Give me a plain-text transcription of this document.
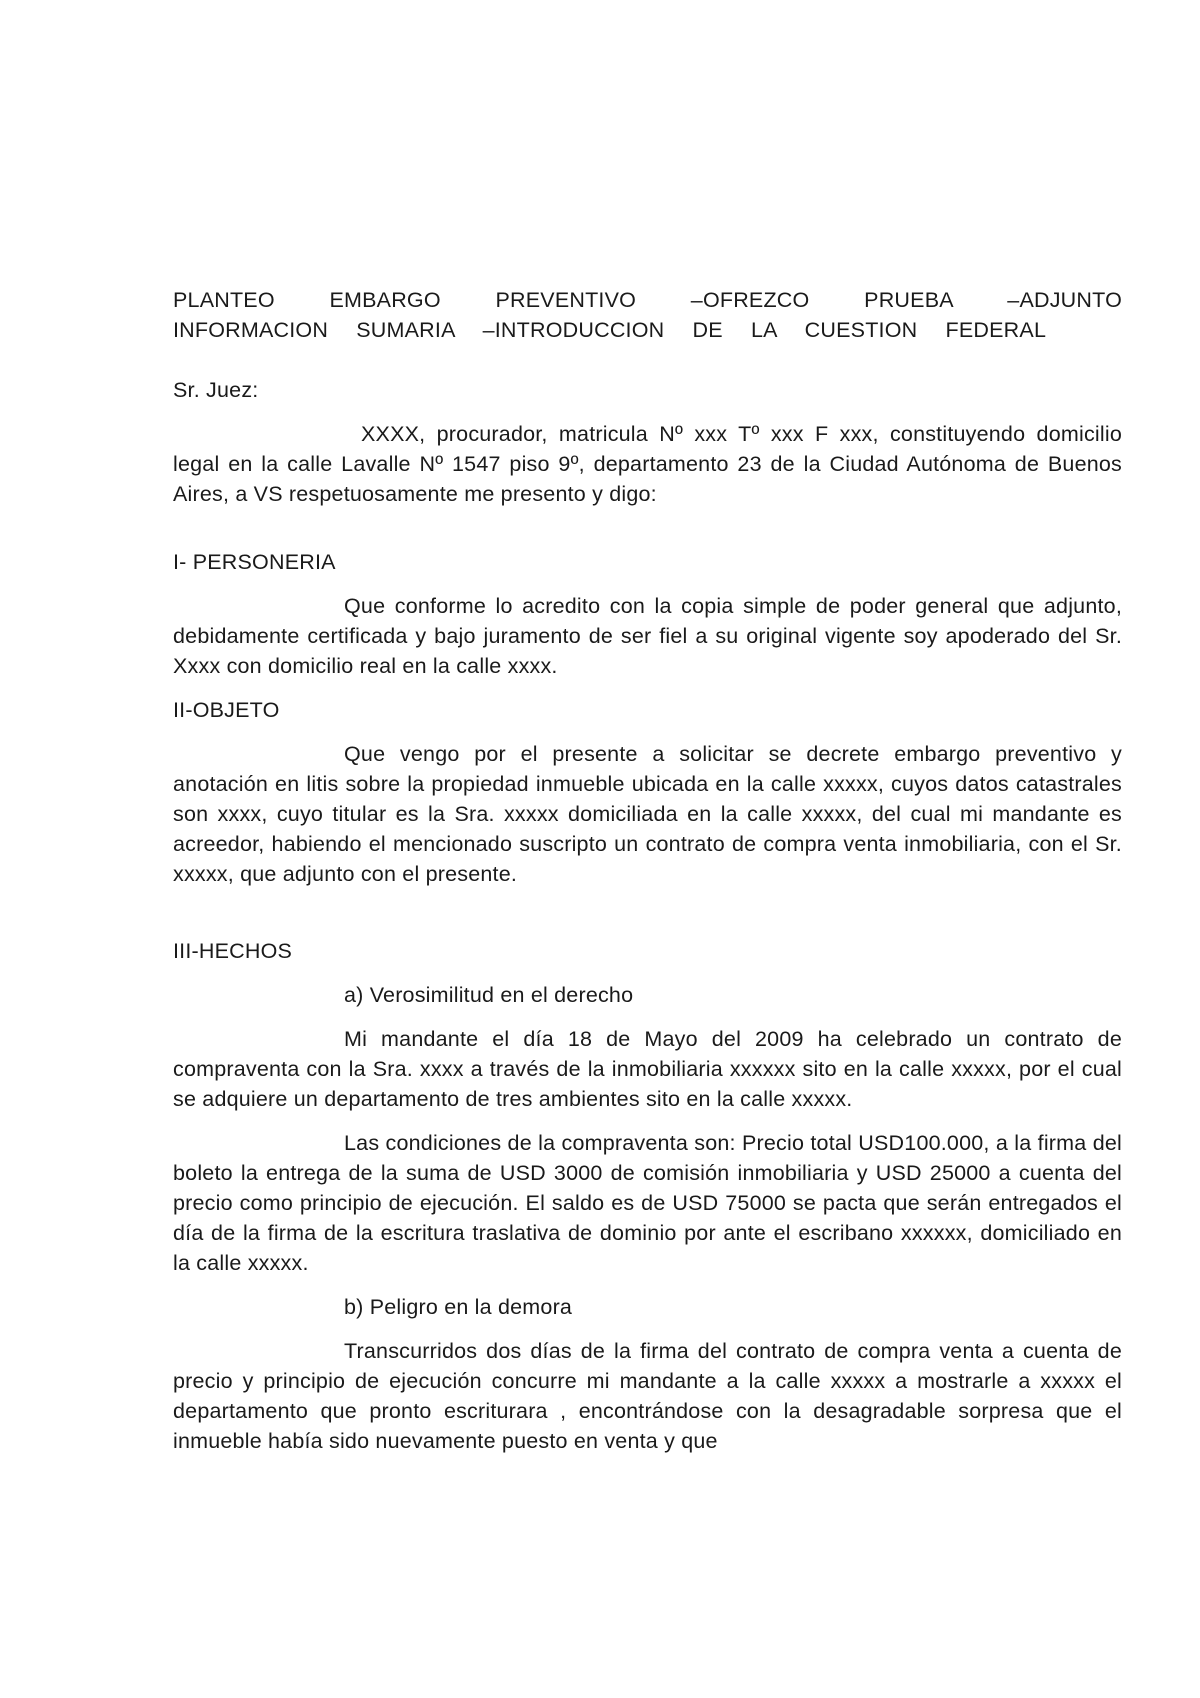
PLANTEO EMBARGO PREVENTIVO –OFREZCO PRUEBA –ADJUNTO
INFORMACION SUMARIA –INTRODUCCION DE LA CUESTION FEDERAL

Sr. Juez:

XXXX, procurador, matricula Nº xxx Tº xxx F xxx, constituyendo domicilio legal en la calle Lavalle Nº 1547 piso 9º, departamento 23 de la Ciudad Autónoma de Buenos Aires, a VS respetuosamente me presento y digo:

I- PERSONERIA

Que conforme lo acredito con la copia simple de poder general que adjunto, debidamente certificada y bajo juramento de ser fiel a su original vigente soy apoderado del Sr. Xxxx con domicilio real en la calle xxxx.

II-OBJETO

Que vengo por el presente a solicitar se decrete embargo preventivo y anotación en litis sobre la propiedad inmueble ubicada en la calle xxxxx, cuyos datos catastrales son xxxx, cuyo titular es la Sra. xxxxx domiciliada en la calle xxxxx, del cual mi mandante es acreedor, habiendo el mencionado suscripto un contrato de compra venta inmobiliaria, con el Sr. xxxxx, que adjunto con el presente.

III-HECHOS

a) Verosimilitud en el derecho

Mi mandante el día 18 de Mayo del 2009 ha celebrado un contrato de compraventa con la Sra. xxxx a través de la inmobiliaria xxxxxx sito en la calle xxxxx, por el cual se adquiere un departamento de tres ambientes sito en la calle xxxxx.

Las condiciones de la compraventa son: Precio total USD100.000, a la firma del boleto la entrega de la suma de USD 3000 de comisión inmobiliaria y USD 25000 a cuenta del precio como principio de ejecución. El saldo es de USD 75000 se pacta que serán entregados el día de la firma de la escritura traslativa de dominio por ante el escribano xxxxxx, domiciliado en la calle xxxxx.

b) Peligro en la demora

Transcurridos dos días de la firma del contrato de compra venta a cuenta de precio y principio de ejecución concurre mi mandante a la calle xxxxx a mostrarle a xxxxx el departamento que pronto escriturara , encontrándose con la desagradable sorpresa que el inmueble había sido nuevamente puesto en venta y que
